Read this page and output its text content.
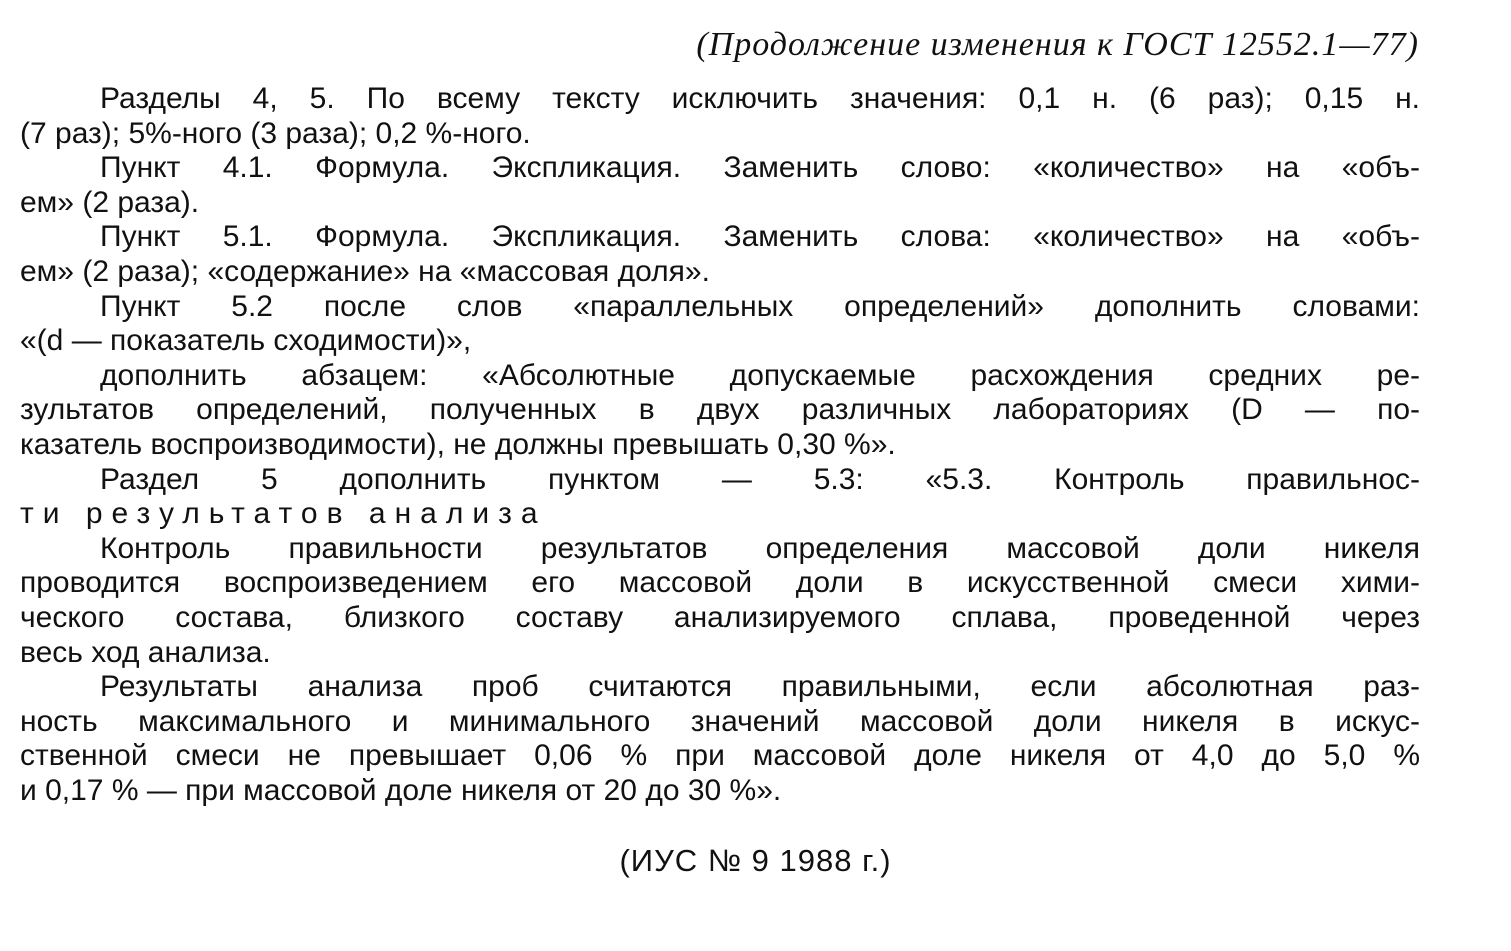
(Продолжение изменения к ГОСТ 12552.1—77)
Разделы 4, 5. По всему тексту исключить значения: 0,1 н. (6 раз); 0,15 н.
(7 раз); 5%-ного (3 раза); 0,2 %-ного.
Пункт 4.1. Формула. Экспликация. Заменить слово: «количество» на «объ-
ем» (2 раза).
Пункт 5.1. Формула. Экспликация. Заменить слова: «количество» на «объ-
ем» (2 раза); «содержание» на «массовая доля».
Пункт 5.2 после слов «параллельных определений» дополнить словами:
«(d — показатель сходимости)»,
дополнить абзацем: «Абсолютные допускаемые расхождения средних ре-
зультатов определений, полученных в двух различных лабораториях (D — по-
казатель воспроизводимости), не должны превышать 0,30 %».
Раздел 5 дополнить пунктом — 5.3: «5.3. Контроль правильнос-
ти результатов анализа
Контроль правильности результатов определения массовой доли никеля
проводится воспроизведением его массовой доли в искусственной смеси хими-
ческого состава, близкого составу анализируемого сплава, проведенной через
весь ход анализа.
Результаты анализа проб считаются правильными, если абсолютная раз-
ность максимального и минимального значений массовой доли никеля в искус-
ственной смеси не превышает 0,06 % при массовой доле никеля от 4,0 до 5,0 %
и 0,17 % — при массовой доле никеля от 20 до 30 %».
(ИУС № 9 1988 г.)
